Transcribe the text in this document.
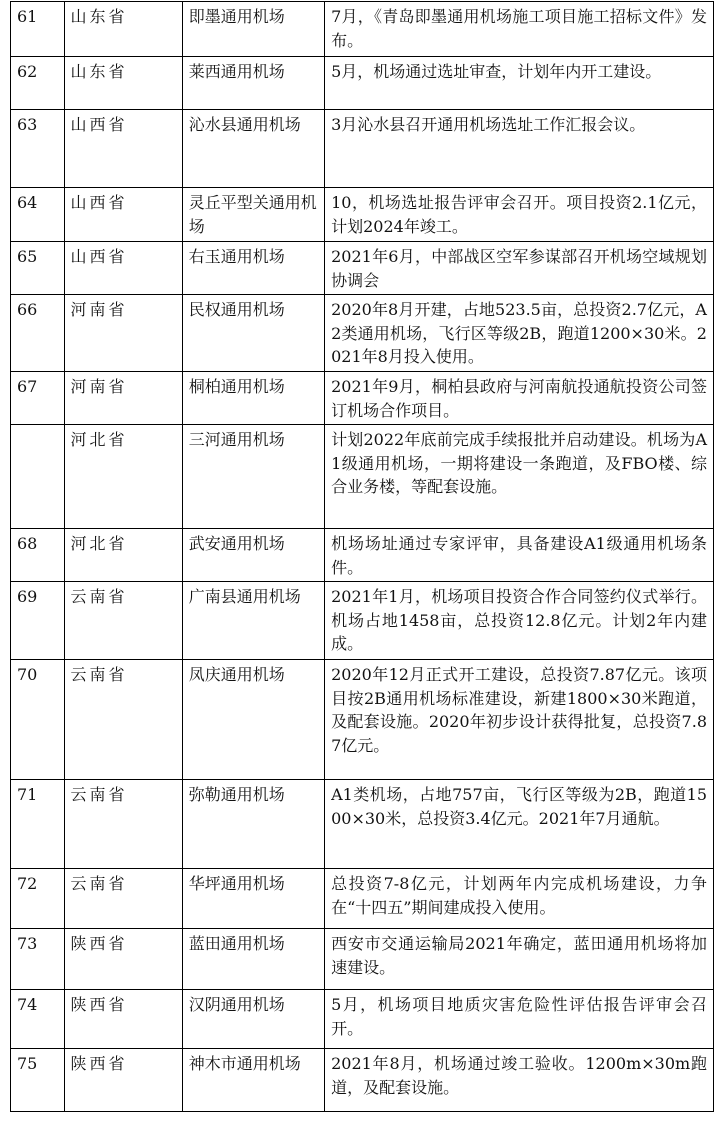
61	山东省	即墨通用机场	7月，《青岛即墨通用机场施工项目施工招标文件》发布。
62	山东省	莱西通用机场	5月，机场通过选址审查，计划年内开工建设。
63	山西省	沁水县通用机场	3月沁水县召开通用机场选址工作汇报会议。
64	山西省	灵丘平型关通用机场	10，机场选址报告评审会召开。项目投资2.1亿元，计划2024年竣工。
65	山西省	右玉通用机场	2021年6月，中部战区空军参谋部召开机场空域规划协调会
66	河南省	民权通用机场	2020年8月开建，占地523.5亩，总投资2.7亿元，A2类通用机场，飞行区等级2B，跑道1200×30米。2021年8月投入使用。
67	河南省	桐柏通用机场	2021年9月，桐柏县政府与河南航投通航投资公司签订机场合作项目。
	河北省	三河通用机场	计划2022年底前完成手续报批并启动建设。机场为A1级通用机场，一期将建设一条跑道，及FBO楼、综合业务楼，等配套设施。
68	河北省	武安通用机场	机场场址通过专家评审，具备建设A1级通用机场条件。
69	云南省	广南县通用机场	2021年1月，机场项目投资合作合同签约仪式举行。机场占地1458亩，总投资12.8亿元。计划2年内建成。
70	云南省	凤庆通用机场	2020年12月正式开工建设，总投资7.87亿元。该项目按2B通用机场标准建设，新建1800×30米跑道，及配套设施。2020年初步设计获得批复，总投资7.87亿元。
71	云南省	弥勒通用机场	A1类机场，占地757亩，飞行区等级为2B，跑道1500×30米，总投资3.4亿元。2021年7月通航。
72	云南省	华坪通用机场	总投资7-8亿元，计划两年内完成机场建设，力争在“十四五”期间建成投入使用。
73	陕西省	蓝田通用机场	西安市交通运输局2021年确定，蓝田通用机场将加速建设。
74	陕西省	汉阴通用机场	5月，机场项目地质灾害危险性评估报告评审会召开。
75	陕西省	神木市通用机场	2021年8月，机场通过竣工验收。1200m×30m跑道，及配套设施。
